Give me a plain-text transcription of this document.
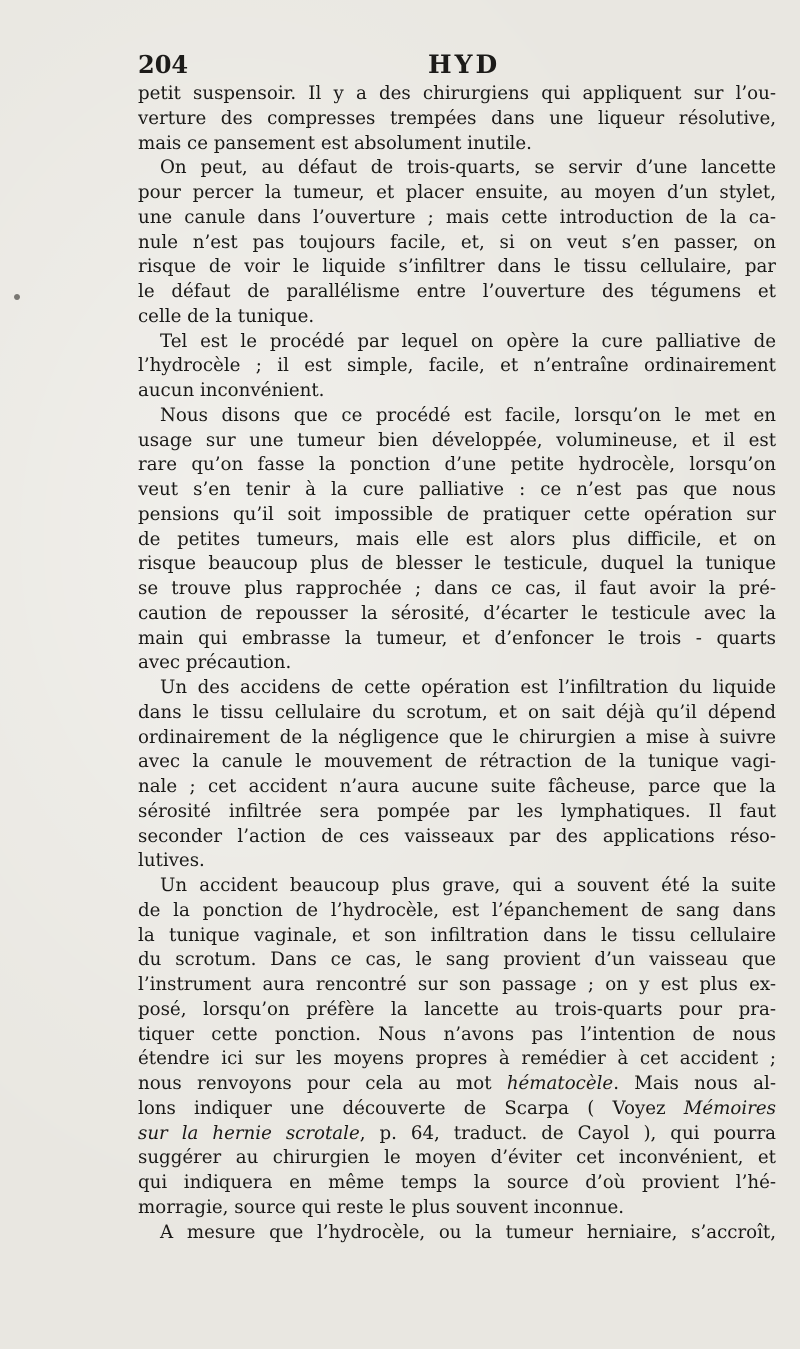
204	HYD
petit suspensoir. Il y a des chirurgiens qui appliquent sur l’ou-
verture des compresses trempées dans une liqueur résolutive,
mais ce pansement est absolument inutile.
On peut, au défaut de trois-quarts, se servir d’une lancette
pour percer la tumeur, et placer ensuite, au moyen d’un stylet,
une canule dans l’ouverture ; mais cette introduction de la ca-
nule n’est pas toujours facile, et, si on veut s’en passer, on
risque de voir le liquide s’infiltrer dans le tissu cellulaire, par
le défaut de parallélisme entre l’ouverture des tégumens et
celle de la tunique.
Tel est le procédé par lequel on opère la cure palliative de
l’hydrocèle ; il est simple, facile, et n’entraîne ordinairement
aucun inconvénient.
Nous disons que ce procédé est facile, lorsqu’on le met en
usage sur une tumeur bien développée, volumineuse, et il est
rare qu’on fasse la ponction d’une petite hydrocèle, lorsqu’on
veut s’en tenir à la cure palliative : ce n’est pas que nous
pensions qu’il soit impossible de pratiquer cette opération sur
de petites tumeurs, mais elle est alors plus difficile, et on
risque beaucoup plus de blesser le testicule, duquel la tunique
se trouve plus rapprochée ; dans ce cas, il faut avoir la pré-
caution de repousser la sérosité, d’écarter le testicule avec la
main qui embrasse la tumeur, et d’enfoncer le trois - quarts
avec précaution.
Un des accidens de cette opération est l’infiltration du liquide
dans le tissu cellulaire du scrotum, et on sait déjà qu’il dépend
ordinairement de la négligence que le chirurgien a mise à suivre
avec la canule le mouvement de rétraction de la tunique vagi-
nale ; cet accident n’aura aucune suite fâcheuse, parce que la
sérosité infiltrée sera pompée par les lymphatiques. Il faut
seconder l’action de ces vaisseaux par des applications réso-
lutives.
Un accident beaucoup plus grave, qui a souvent été la suite
de la ponction de l’hydrocèle, est l’épanchement de sang dans
la tunique vaginale, et son infiltration dans le tissu cellulaire
du scrotum. Dans ce cas, le sang provient d’un vaisseau que
l’instrument aura rencontré sur son passage ; on y est plus ex-
posé, lorsqu’on préfère la lancette au trois-quarts pour pra-
tiquer cette ponction. Nous n’avons pas l’intention de nous
étendre ici sur les moyens propres à remédier à cet accident ;
nous renvoyons pour cela au mot hématocèle. Mais nous al-
lons indiquer une découverte de Scarpa ( Voyez Mémoires
sur la hernie scrotale, p. 64, traduct. de Cayol ), qui pourra
suggérer au chirurgien le moyen d’éviter cet inconvénient, et
qui indiquera en même temps la source d’où provient l’hé-
morragie, source qui reste le plus souvent inconnue.
A mesure que l’hydrocèle, ou la tumeur herniaire, s’accroît,
